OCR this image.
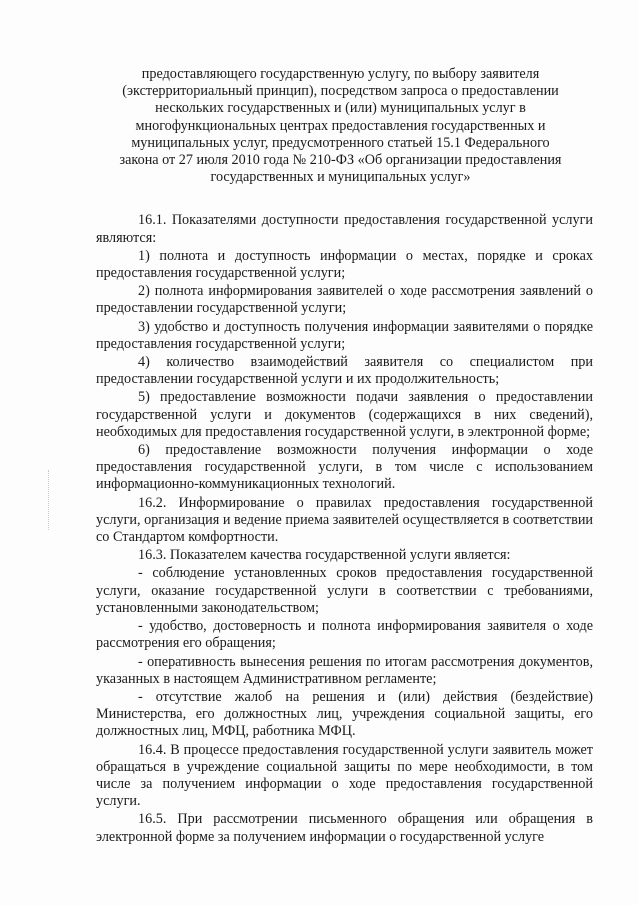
предоставляющего государственную услугу, по выбору заявителя
(экстерриториальный принцип), посредством запроса о предоставлении
нескольких государственных и (или) муниципальных услуг в
многофункциональных центрах предоставления государственных и
муниципальных услуг, предусмотренного статьей 15.1 Федерального
закона от 27 июля 2010 года № 210-ФЗ «Об организации предоставления
государственных и муниципальных услуг»

16.1. Показателями доступности предоставления государственной услуги являются:

1) полнота и доступность информации о местах, порядке и сроках предоставления государственной услуги;

2) полнота информирования заявителей о ходе рассмотрения заявлений о предоставлении государственной услуги;

3) удобство и доступность получения информации заявителями о порядке предоставления государственной услуги;

4) количество взаимодействий заявителя со специалистом при предоставлении государственной услуги и их продолжительность;

5) предоставление возможности подачи заявления о предоставлении государственной услуги и документов (содержащихся в них сведений), необходимых для предоставления государственной услуги, в электронной форме;

6) предоставление возможности получения информации о ходе предоставления государственной услуги, в том числе с использованием информационно-коммуникационных технологий.

16.2. Информирование о правилах предоставления государственной услуги, организация и ведение приема заявителей осуществляется в соответствии со Стандартом комфортности.

16.3. Показателем качества государственной услуги является:

- соблюдение установленных сроков предоставления государственной услуги, оказание государственной услуги в соответствии с требованиями, установленными законодательством;

- удобство, достоверность и полнота информирования заявителя о ходе рассмотрения его обращения;

- оперативность вынесения решения по итогам рассмотрения документов, указанных в настоящем Административном регламенте;

- отсутствие жалоб на решения и (или) действия (бездействие) Министерства, его должностных лиц, учреждения социальной защиты, его должностных лиц, МФЦ, работника МФЦ.

16.4. В процессе предоставления государственной услуги заявитель может обращаться в учреждение социальной защиты по мере необходимости, в том числе за получением информации о ходе предоставления государственной услуги.

16.5. При рассмотрении письменного обращения или обращения в электронной форме за получением информации о государственной услуге
